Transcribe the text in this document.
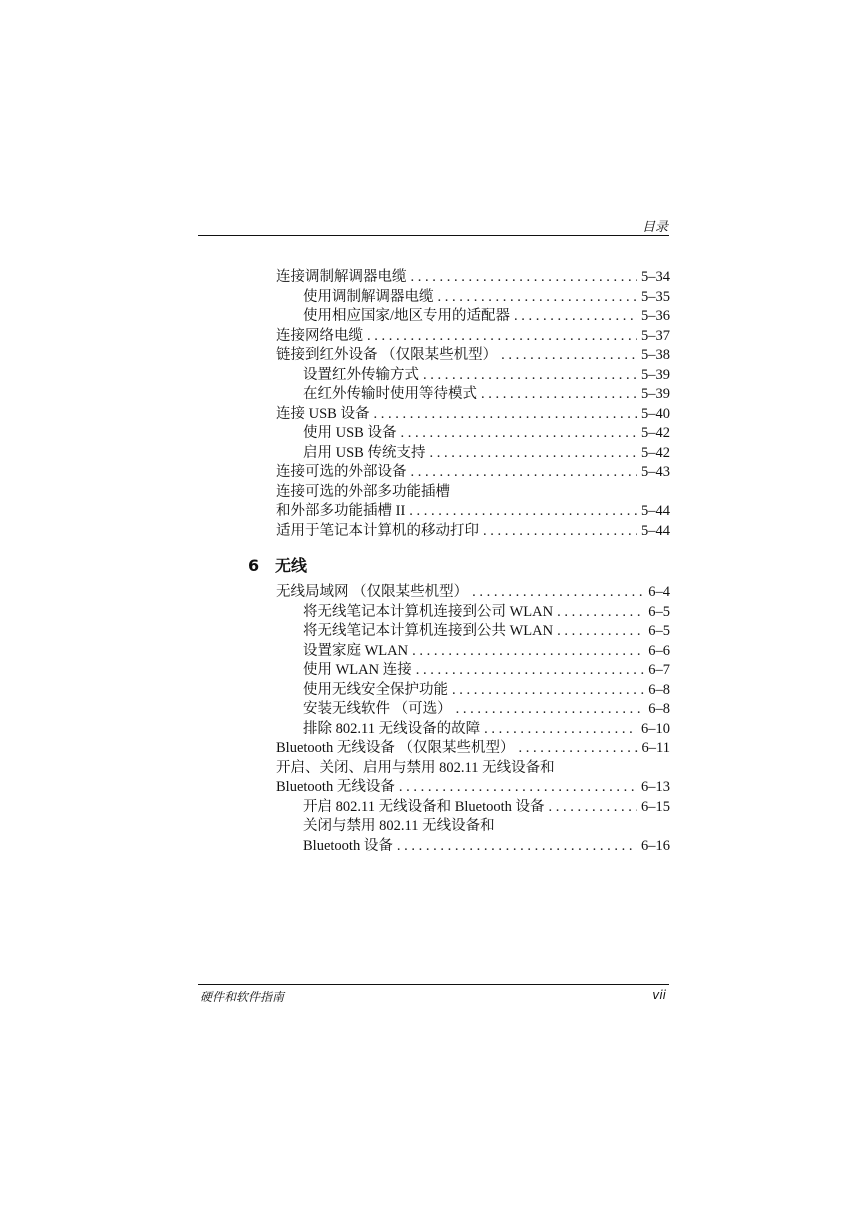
目录
连接调制解调器电缆 . . .	5–34
使用调制解调器电缆 . . .	5–35
使用相应国家/地区专用的适配器 . . .	5–36
连接网络电缆 . . .	5–37
链接到红外设备 （仅限某些机型） . . .	5–38
设置红外传输方式 . . .	5–39
在红外传输时使用等待模式 . . .	5–39
连接 USB 设备 . . .	5–40
使用 USB 设备 . . .	5–42
启用 USB 传统支持 . . .	5–42
连接可选的外部设备 . . .	5–43
连接可选的外部多功能插槽
和外部多功能插槽 II . . .	5–44
适用于笔记本计算机的移动打印 . . .	5–44
6 无线
无线局域网 （仅限某些机型） . . .	6–4
将无线笔记本计算机连接到公司 WLAN . . .	6–5
将无线笔记本计算机连接到公共 WLAN . . .	6–5
设置家庭 WLAN . . .	6–6
使用 WLAN 连接 . . .	6–7
使用无线安全保护功能 . . .	6–8
安装无线软件 （可选） . . .	6–8
排除 802.11 无线设备的故障 . . .	6–10
Bluetooth 无线设备 （仅限某些机型） . . .	6–11
开启、关闭、启用与禁用 802.11 无线设备和
Bluetooth 无线设备 . . .	6–13
开启 802.11 无线设备和 Bluetooth 设备 . . .	6–15
关闭与禁用 802.11 无线设备和
Bluetooth 设备 . . .	6–16
硬件和软件指南	vii
